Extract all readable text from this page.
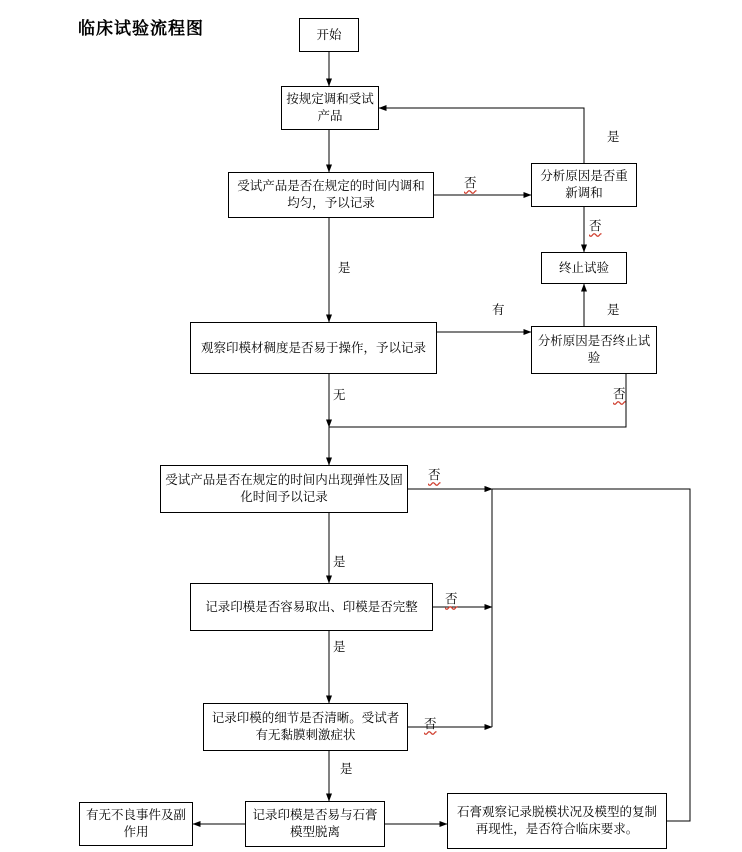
临床试验流程图	开始
按规定调和受试产品
受试产品是否在规定的时间内调和均匀，予以记录
分析原因是否重新调和
终止试验
观察印模材稠度是否易于操作，予以记录	分析原因是否终止试验
受试产品是否在规定的时间内出现弹性及固化时间予以记录
记录印模是否容易取出、印模是否完整
记录印模的细节是否清晰。受试者有无黏膜刺激症状
记录印模是否易与石膏模型脱离
有无不良事件及副作用
石膏观察记录脱模状况及模型的复制再现性，是否符合临床要求。
否
是
否
是
有	是
无	否
否
是
否
是
否
是
